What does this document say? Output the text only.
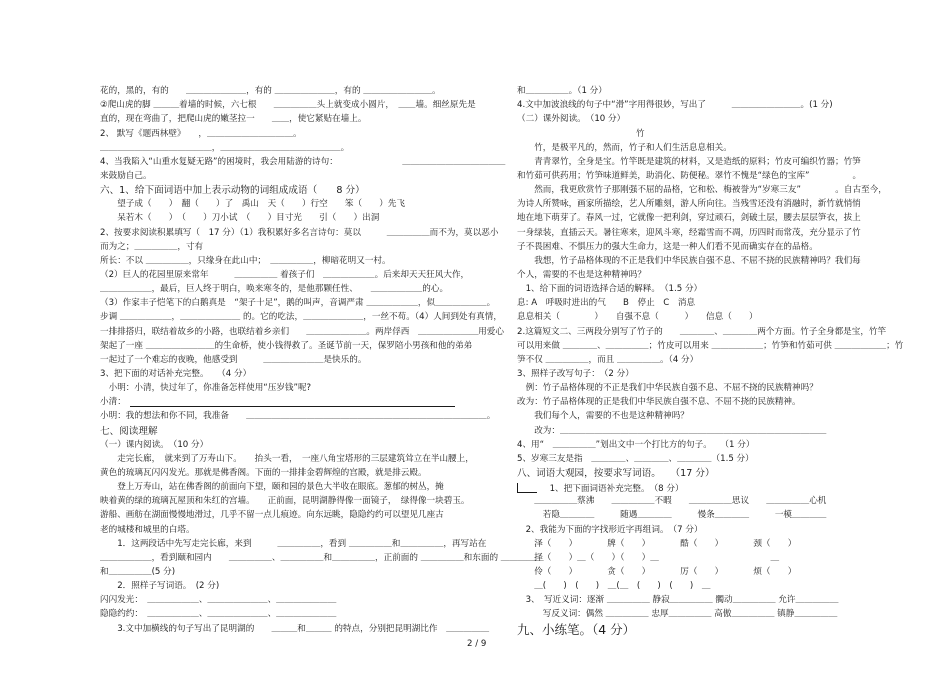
花的，黑的，有的　　＿＿＿＿＿＿＿，有的 ＿＿＿＿＿＿＿，有的 ＿＿＿＿＿＿＿＿。
②爬山虎的脚 ＿＿＿着墙的时候，六七根　　＿＿＿＿＿头上就变成小圆片，　＿＿墙。细丝原先是
直的，现在弯曲了，把爬山虎的嫩茎拉一　　＿＿，使它紧贴在墙上。
2、 默写《题西林壁》　　，＿＿＿＿＿＿＿＿＿＿。
＿＿＿＿＿＿＿＿＿＿＿＿＿，＿＿＿＿＿＿＿＿＿＿＿＿＿＿。
4、当我陷入“山重水复疑无路”的困境时，我会用陆游的诗句：　　　　　　　　＿＿＿＿＿＿＿＿＿＿＿＿
来鼓励自己。
六、1、给下面词语中加上表示动物的词组成成语（　　8 分）
　　望子成（　　）　翻（　　）了　禹山　天（　　）行空　　笨（　　）先飞
　　呆若木（　　）　（　　）刀小试　（　　）目寸光　　引（　　）出洞
2、按要求阅读积累填写（　17 分）（1）我积累好多名言诗句：莫以　　　＿＿＿＿＿而不为，莫以恶小
而为之；＿＿＿＿＿，寸有
所长：不以 ＿＿＿＿＿，只缘身在此山中；　＿＿＿＿＿，柳暗花明又一村。
（2）巨人的花园里原来常年　　　＿＿＿＿＿ 着孩子们　＿＿＿＿＿＿。后来却天天狂风大作，
＿＿＿＿＿＿，最后，巨人终于明白，唤来寒冬的，是他那颗任性、　　＿＿＿＿＿＿的心。
（3）作家丰子恺笔下的白鹅真是　“架子十足”，鹅的叫声，音调严肃 ＿＿＿＿＿＿，似＿＿＿＿＿＿。
步调 ＿＿＿＿＿＿，＿＿＿＿＿＿＿ 的。它的吃法，＿＿＿＿＿＿＿，一丝不苟。（4）人间到处有真情，
一排排搭归，联结着故乡的小路，也联结着乡亲们　　＿＿＿＿＿＿＿。两岸俘西　＿＿＿＿＿＿＿用爱心
架起了一座 ＿＿＿＿＿＿＿＿的生命桥，使小钱得救了。圣诞节前一天，保罗陪小男孩和他的弟弟
一起过了一个难忘的夜晚，他感受到　　　＿＿＿＿＿＿＿是快乐的。
3、把下面的对话补充完整。　　（4 分）
　小明：小清，快过年了，你准备怎样使用“压岁钱”呢?
小清：
小明：我的想法和你不同，我准备　　＿＿＿＿＿＿＿＿＿＿＿＿＿＿＿＿＿＿＿＿＿＿＿＿＿＿＿＿。
七、阅读理解
（一）课内阅读。　（10 分）
　　走完长廊，　就来到了万寿山下。　　抬头一看，　一座八角宝塔形的三层建筑耸立在半山腰上，
黄色的琉璃瓦闪闪发光。那就是佛香阁。下面的一排排金碧辉煌的宫殿，就是排云殿。
　　登上万寿山，站在佛香阁的前面向下望，颐和园的景色大半收在眼底。葱郁的树丛，掩
映着黄的绿的琉璃瓦屋顶和朱红的宫墙。　　正前面，昆明湖静得像一面镜子，　绿得像一块碧玉。
游船、画舫在湖面慢慢地滑过，几乎不留一点儿痕迹。向东远眺，隐隐约约可以望见几座古
老的城楼和城里的白塔。
　　1．这两段话中先写走完长廊，来到　　　＿＿＿＿＿，看到 ＿＿＿＿＿和＿＿＿＿＿，再写站在
＿＿＿＿＿＿，看到颐和园内　　＿＿＿＿＿、＿＿＿＿＿和＿＿＿＿＿，正前面的 ＿＿＿＿＿和东面的 ＿＿＿＿＿
和＿＿＿＿＿(5 分)
　　2．照样子写词语。　(2 分)
闪闪发光：　＿＿＿＿＿＿、＿＿＿＿＿＿＿、＿＿＿＿＿＿＿
隐隐约约：　＿＿＿＿＿＿、＿＿＿＿＿＿＿、＿＿＿＿＿＿＿
　　3.文中加横线的句子写出了昆明湖的　　＿＿＿和＿＿＿ 的特点，分别把昆明湖比作　＿＿＿＿＿
和＿＿＿＿＿。（1 分）
4.文中加波浪线的句子中“滑”字用得很妙，写出了　　　＿＿＿＿＿＿＿＿。(1 分)
（二）课外阅读。　（10 分）
竹
　　竹，是极平凡的，然而，竹子和人们生活息息相关。
　　青青翠竹，全身是宝。竹竿既是建筑的材料，又是造纸的原料；竹皮可编织竹器；竹笋
和竹茹可供药用；竹笋味道鲜美，助消化、防便秘。翠竹不愧是“绿色的宝库”　　　　　。
　　然而，我更欣赏竹子那刚强不屈的品格，它和松、梅被誉为“岁寒三友”　　　　。自古至今，
为诗人所赞咏，画家所描绘，艺人所雕刻，游人所向往。当残雪还没有消融时，新竹就悄悄
地在地下萌芽了。春风一过，它就像一把利剑，穿过顽石，剑破土层，腰去层层笋衣，拔上
一身绿装，直插云天。暑往寒来，迎风斗寒，经霜雪而不凋，历四时而常茂，充分显示了竹
子不畏困难、不惧压力的强大生命力，这是一种人们看不见而确实存在的品格。
　　我想，竹子品格体现的不正是我们中华民族自强不息、不屈不挠的民族精神吗？我们每
个人，需要的不也是这种精神吗？
　1、给下面的词语选择合适的解释。　（1.5 分）
息: A　呼吸时进出的气　　B　停止　C　消息
息息相关（　　　　）　　自强不息（　　　）　　信息（　　）
2.这篇短文二、三两段分别写了竹子的　　＿＿＿＿、＿＿＿＿两个方面。竹子全身都是宝，竹竿
可以用来做 ＿＿＿＿、＿＿＿＿＿；竹皮可以用来 ＿＿＿＿＿＿；竹笋和竹茹可供 ＿＿＿＿＿＿；竹
笋不仅 ＿＿＿＿＿，而且 ＿＿＿＿＿。（4 分）
3、照样子改写句子：　（2 分）
　例：竹子品格体现的不正是我们中华民族自强不息、不屈不挠的民族精神吗？
改为：竹子品格体现的正是我们中华民族自强不息、不屈不挠的民族精神。
　　我们每个人，需要的不也是这种精神吗？
　　改为：＿＿＿＿＿＿＿＿＿＿＿＿＿＿＿＿＿＿＿＿＿＿＿＿＿＿＿＿＿＿＿
4、用“　＿＿＿＿＿”划出文中一个打比方的句子。　　（1 分）
5、岁寒三友是指　＿＿＿＿、＿＿＿＿、＿＿＿＿（1.5 分）
八、词语大观园，按要求写词语。　　（17 分）
　1、把下面词语补充完整。　（8 分）
　　＿＿＿＿＿蔡沸　　＿＿＿＿＿不暇　　＿＿＿＿＿思议　　＿＿＿＿＿心机
　　　若隐＿＿＿＿　　　随遇＿＿＿＿　　　慢条＿＿＿＿　　　一模＿＿＿＿
　2、我能为下面的字找形近字再组词。　（7 分）
　　泽（　　）　　　　牌（　　）　　　　酷（　　）　　　　颈（　　）
　　择（　　）＿（　　）（　　）＿　　　　　　　　　　　　　＿
　　伶（　　）　　　　贪（　　）　　　　厉（　　）　　　　烦（　　）
　　＿(　　)　(　　)　＿(＿　(　　)　(　　)　＿
　3、　写近义词：逐渐 ＿＿＿＿＿ 静寂＿＿＿＿＿ 髑动＿＿＿＿＿ 允许＿＿＿＿＿
　　　写反义词：偶然 ＿＿＿＿＿ 忠厚＿＿＿＿＿ 高傲＿＿＿＿＿ 镇静＿＿＿＿＿
九、小练笔。（4 分）
2 / 9
